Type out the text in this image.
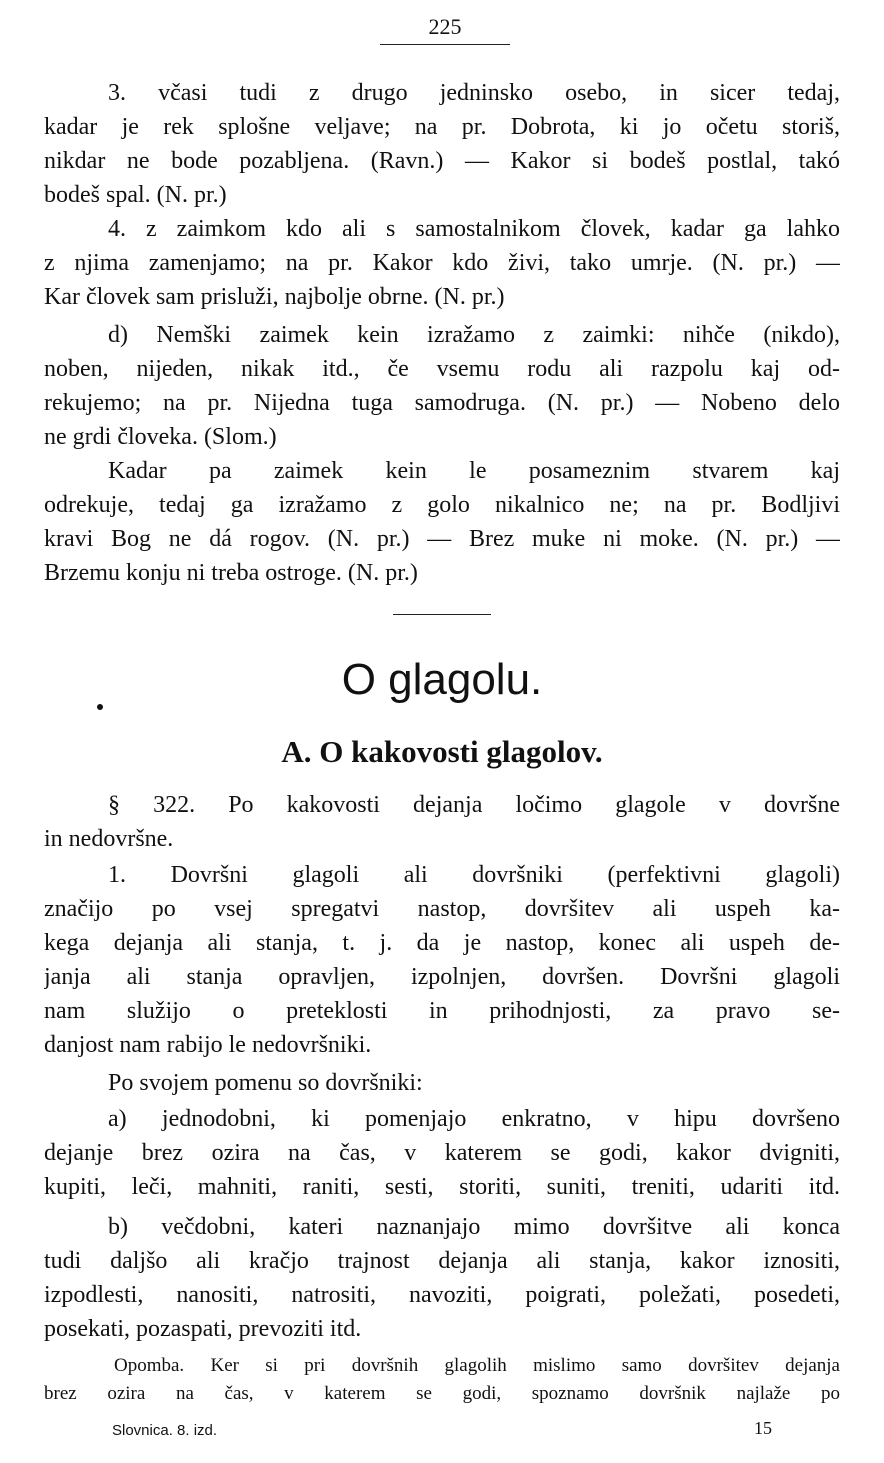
225
3. včasi tudi z drugo jedninsko osebo, in sicer tedaj,
kadar je rek splošne veljave; na pr. Dobrota, ki jo očetu storiš,
nikdar ne bode pozabljena. (Ravn.) — Kakor si bodeš postlal, takó
bodeš spal. (N. pr.)
4. z zaimkom kdo ali s samostalnikom človek, kadar ga lahko
z njima zamenjamo; na pr. Kakor kdo živi, tako umrje. (N. pr.) —
Kar človek sam prisluži, najbolje obrne. (N. pr.)
d) Nemški zaimek kein izražamo z zaimki: nihče (nikdo),
noben, nijeden, nikak itd., če vsemu rodu ali razpolu kaj od-
rekujemo; na pr. Nijedna tuga samodruga. (N. pr.) — Nobeno delo
ne grdi človeka. (Slom.)
Kadar pa zaimek kein le posameznim stvarem kaj
odrekuje, tedaj ga izražamo z golo nikalnico ne; na pr. Bodljivi
kravi Bog ne dá rogov. (N. pr.) — Brez muke ni moke. (N. pr.) —
Brzemu konju ni treba ostroge. (N. pr.)
O glagolu.
A. O kakovosti glagolov.
§ 322. Po kakovosti dejanja ločimo glagole v dovršne
in nedovršne.
1. Dovršni glagoli ali dovršniki (perfektivni glagoli)
značijo po vsej spregatvi nastop, dovršitev ali uspeh ka-
kega dejanja ali stanja, t. j. da je nastop, konec ali uspeh de-
janja ali stanja opravljen, izpolnjen, dovršen. Dovršni glagoli
nam služijo o preteklosti in prihodnjosti, za pravo se-
danjost nam rabijo le nedovršniki.
Po svojem pomenu so dovršniki:
a) jednodobni, ki pomenjajo enkratno, v hipu dovršeno
dejanje brez ozira na čas, v katerem se godi, kakor dvigniti,
kupiti, leči, mahniti, raniti, sesti, storiti, suniti, treniti, udariti itd.
b) večdobni, kateri naznanjajo mimo dovršitve ali konca
tudi daljšo ali kračjo trajnost dejanja ali stanja, kakor iznositi,
izpodlesti, nanositi, natrositi, navoziti, poigrati, poležati, posedeti,
posekati, pozaspati, prevoziti itd.
Opomba. Ker si pri dovršnih glagolih mislimo samo dovršitev dejanja
brez ozira na čas, v katerem se godi, spoznamo dovršnik najlaže po
Slovnica. 8. izd.	15
